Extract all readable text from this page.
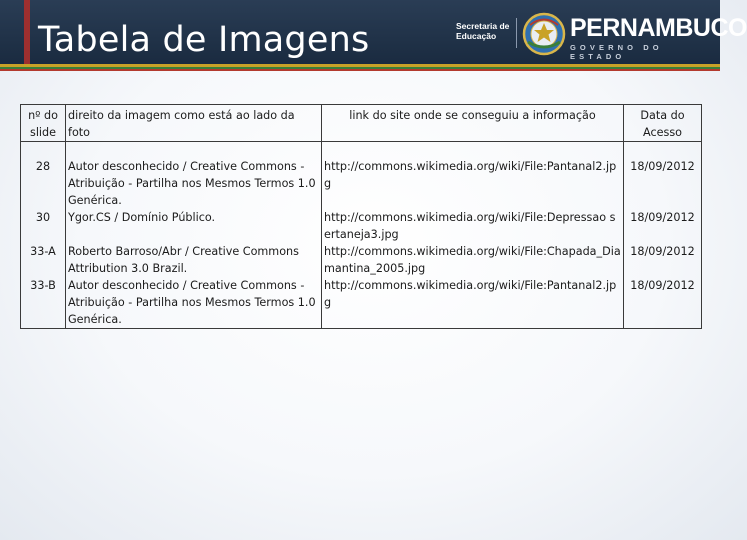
Tabela de Imagens	Secretaria de
Educação	PERNAMBUCO
GOVERNO DO ESTADO
nº do slide	direito da imagem como está ao lado da foto	link do site onde se conseguiu a informação	Data do Acesso
28	Autor desconhecido / Creative Commons - Atribuição - Partilha nos Mesmos Termos 1.0 Genérica.	http://commons.wikimedia.org/wiki/File:Pantanal2.jpg	18/09/2012
30	Ygor.CS / Domínio Público.	http://commons.wikimedia.org/wiki/File:Depressao sertaneja3.jpg	18/09/2012
33-A	Roberto Barroso/Abr / Creative Commons Attribution 3.0 Brazil.	http://commons.wikimedia.org/wiki/File:Chapada_Diamantina_2005.jpg	18/09/2012
33-B	Autor desconhecido / Creative Commons - Atribuição - Partilha nos Mesmos Termos 1.0 Genérica.	http://commons.wikimedia.org/wiki/File:Pantanal2.jpg	18/09/2012
